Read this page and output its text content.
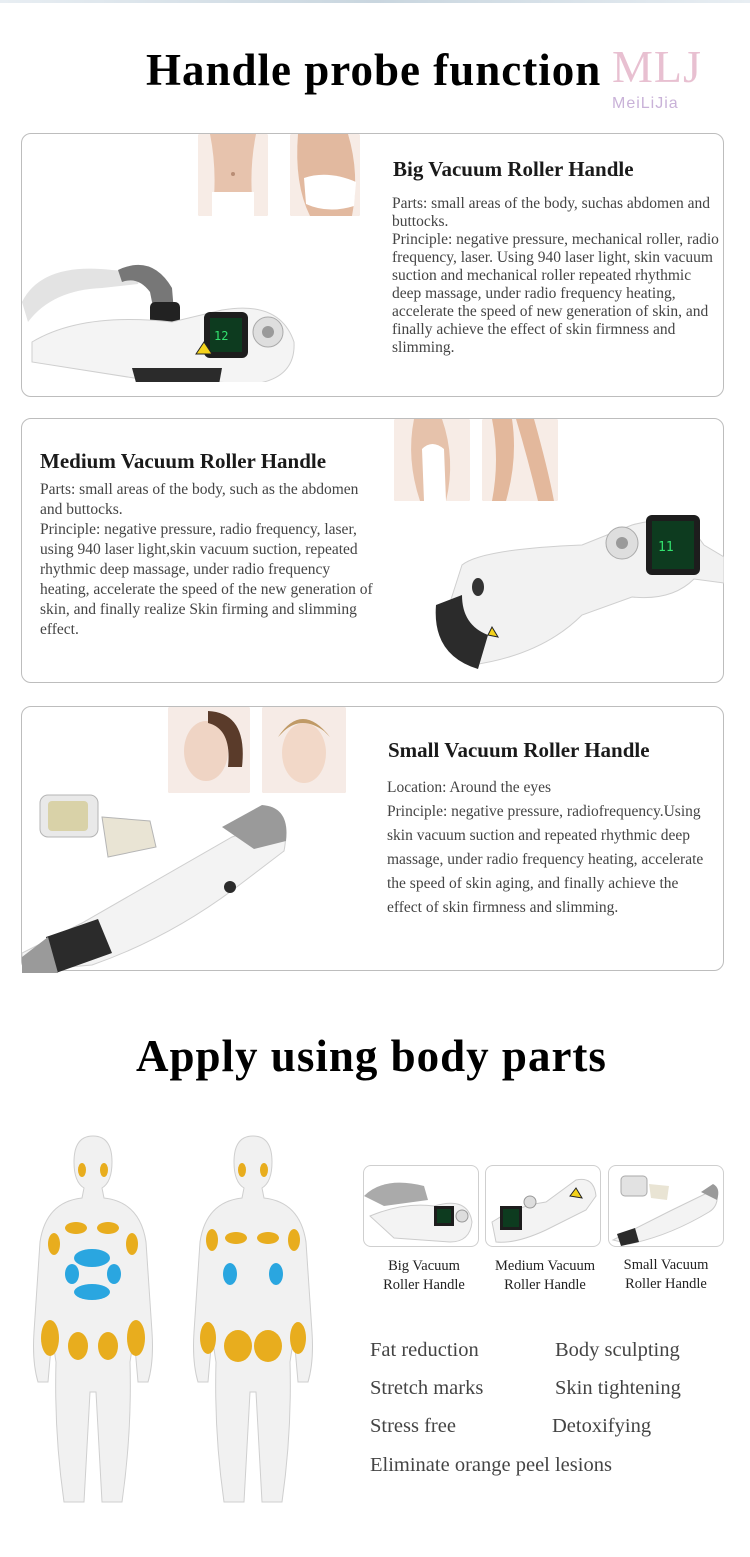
Handle probe function MLJ
MeiLiJia
12
Big Vacuum Roller Handle

Parts: small areas of the body, suchas abdomen and buttocks.

Principle: negative pressure, mechanical roller, radio frequency, laser. Using 940 laser light, skin vacuum suction and mechanical roller repeated rhythmic deep massage, under radio frequency heating, accelerate the speed of new generation of skin, and finally achieve the effect of skin firmness and slimming.

Medium Vacuum Roller Handle

Parts: small areas of the body, such as the abdomen and buttocks.

Principle: negative pressure, radio frequency, laser, using 940 laser light,skin vacuum suction, repeated rhythmic deep massage, under radio frequency heating, accelerate the speed of the new generation of skin, and finally realize Skin firming and slimming effect.

11
Small Vacuum Roller Handle

Location: Around the eyes

Principle: negative pressure, radiofrequency.Using skin vacuum suction and repeated rhythmic deep massage, under radio frequency heating, accelerate the speed of skin aging, and finally achieve the effect of skin firmness and slimming.

Apply using body parts
Big Vacuum
Roller Handle
Medium Vacuum
Roller Handle
Small Vacuum
Roller Handle
Fat reduction	Body sculpting
Stretch marks	Skin tightening
Stress free	Detoxifying
Eliminate orange peel lesions
